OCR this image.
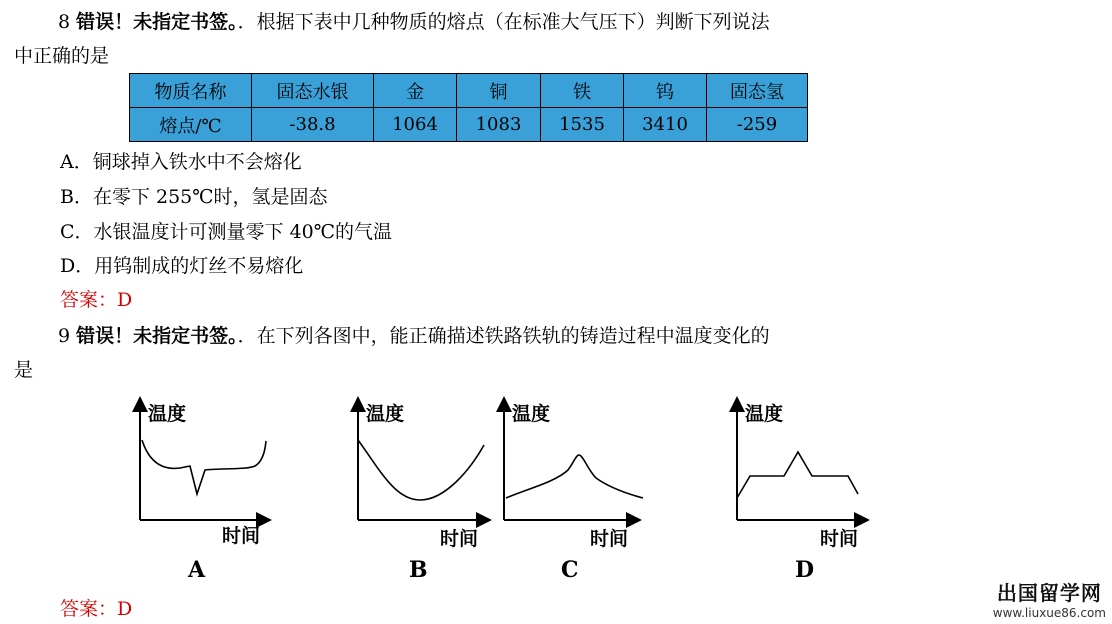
8 错误！未指定书签。．根据下表中几种物质的熔点（在标准大气压下）判断下列说法
中正确的是
物质名称	固态水银	金	铜	铁	钨	固态氢
熔点/℃	-38.8	1064	1083	1535	3410	-259
A．铜球掉入铁水中不会熔化
B．在零下 255℃时，氢是固态
C．水银温度计可测量零下 40℃的气温
D．用钨制成的灯丝不易熔化
答案：D
9 错误！未指定书签。．在下列各图中，能正确描述铁路铁轨的铸造过程中温度变化的
是
温度
时间
A
温度
时间
B
温度
时间
C
温度
时间
D
答案：D
出国留学网
www.liuxue86.com
